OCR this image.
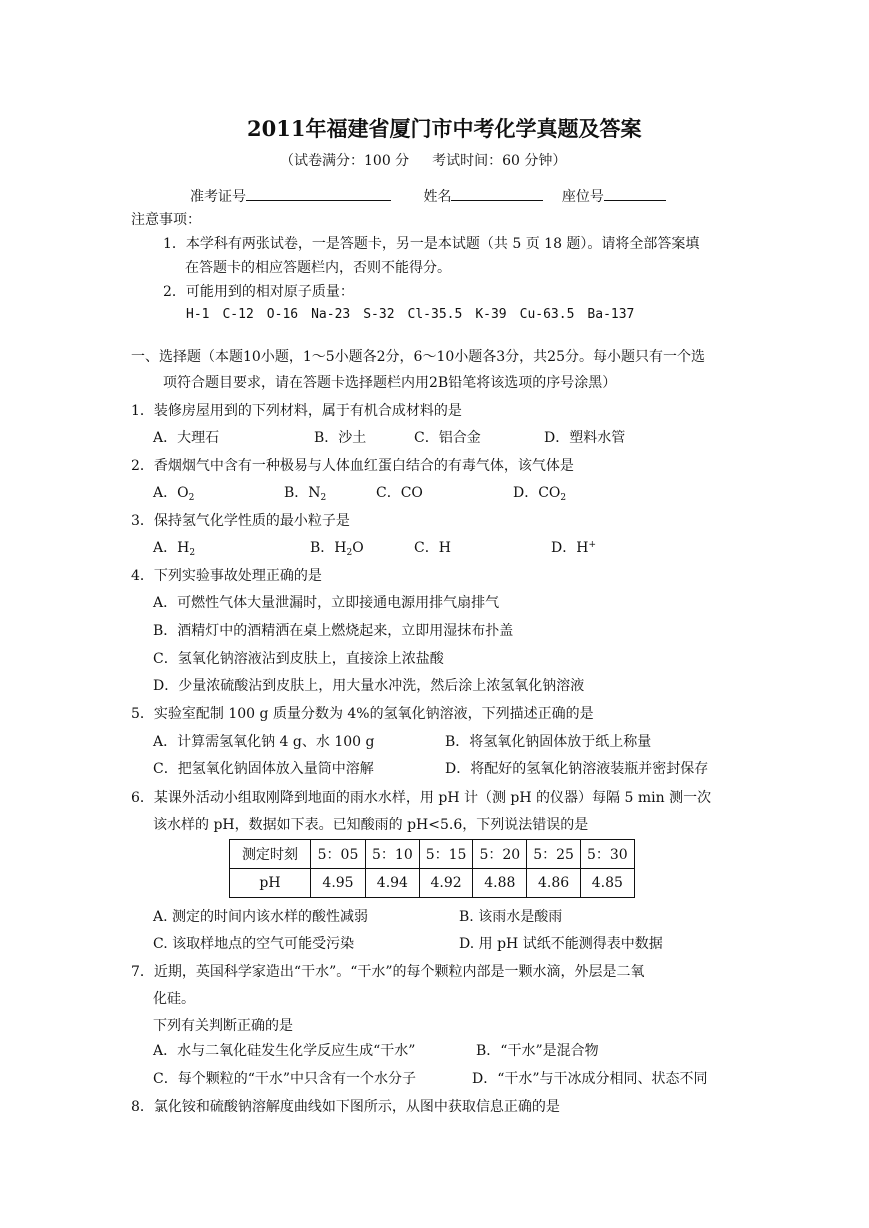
2011年福建省厦门市中考化学真题及答案
（试卷满分：100 分 　 考试时间：60 分钟）
准考证号	姓名	座位号
注意事项：
1．本学科有两张试卷，一是答题卡，另一是本试题（共 5 页 18 题）。请将全部答案填
在答题卡的相应答题栏内，否则不能得分。
2．可能用到的相对原子质量：
H-1　C-12　O-16　Na-23　S-32　Cl-35.5　K-39　Cu-63.5　Ba-137
一、选择题（本题10小题，1～5小题各2分，6～10小题各3分，共25分。每小题只有一个选
项符合题目要求，请在答题卡选择题栏内用2B铅笔将该选项的序号涂黑）
1．装修房屋用到的下列材料，属于有机合成材料的是
A．大理石	B．沙土	C．铝合金	D．塑料水管
2．香烟烟气中含有一种极易与人体血红蛋白结合的有毒气体，该气体是
A．$O_2$	B．$N_2$	C．CO	D．$CO_2$
3．保持氢气化学性质的最小粒子是
A．$H_2$	B．$H_2O$	C．H	D．H+
4．下列实验事故处理正确的是
A．可燃性气体大量泄漏时，立即接通电源用排气扇排气
B．酒精灯中的酒精洒在桌上燃烧起来，立即用湿抹布扑盖
C．氢氧化钠溶液沾到皮肤上，直接涂上浓盐酸
D．少量浓硫酸沾到皮肤上，用大量水冲洗，然后涂上浓氢氧化钠溶液
5．实验室配制 100 g 质量分数为 4%的氢氧化钠溶液，下列描述正确的是
A．计算需氢氧化钠 4 g、水 100 g	B．将氢氧化钠固体放于纸上称量
C．把氢氧化钠固体放入量筒中溶解	D．将配好的氢氧化钠溶液装瓶并密封保存
6．某课外活动小组取刚降到地面的雨水水样，用 pH 计（测 pH 的仪器）每隔 5 min 测一次
该水样的 pH，数据如下表。已知酸雨的 pH<5.6，下列说法错误的是
测定时刻	5：05	5：10	5：15	5：20	5：25	5：30
pH	4.95	4.94	4.92	4.88	4.86	4.85
A. 测定的时间内该水样的酸性减弱	B. 该雨水是酸雨
C. 该取样地点的空气可能受污染	D. 用 pH 试纸不能测得表中数据
7．近期，英国科学家造出“干水”。“干水”的每个颗粒内部是一颗水滴，外层是二氧
化硅。
下列有关判断正确的是
A．水与二氧化硅发生化学反应生成“干水”	B．“干水”是混合物
C．每个颗粒的“干水”中只含有一个水分子	D．“干水”与干冰成分相同、状态不同
8．氯化铵和硫酸钠溶解度曲线如下图所示，从图中获取信息正确的是
